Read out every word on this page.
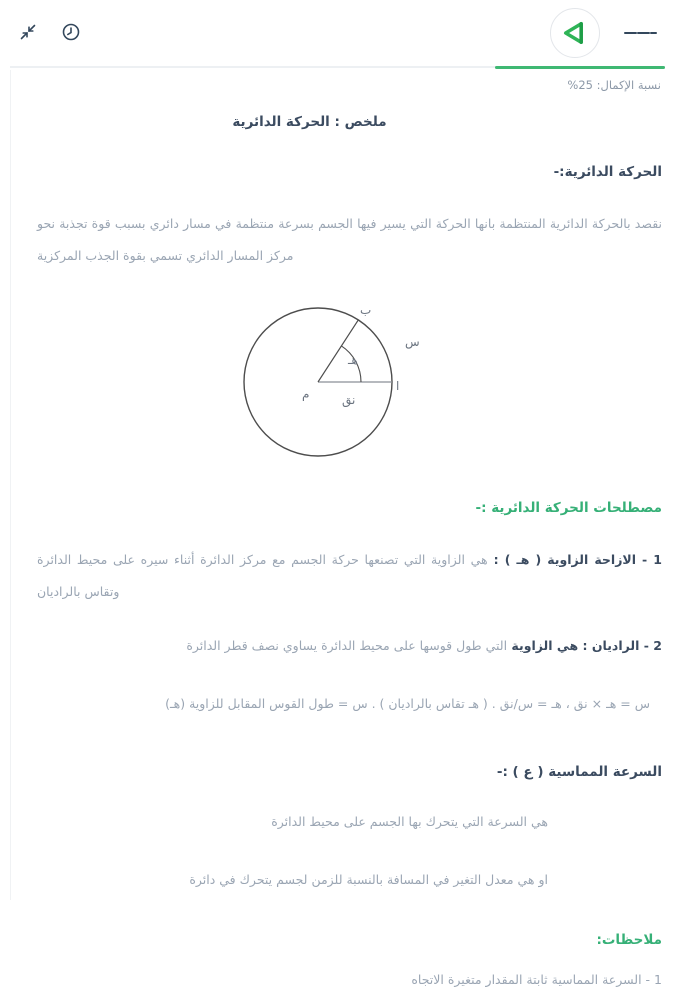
نسبة الإكمال: 25%
ملخص : الحركة الدائرية
الحركة الدائرية:-

نقصد بالحركة الدائرية المنتظمة بانها الحركة التي يسير فيها الجسم بسرعة منتظمة في مسار دائري بسبب قوة تجذبة نحو مركز المسار الدائري تسمي بقوة الجذب المركزية

هـ
م	نق
ب
س
ا
مصطلحات الحركة الدائرية :-

1 - الازاحة الزاوية ( هـ ) : هي الزاوية التي تصنعها حركة الجسم مع مركز الدائرة أثناء سيره على محيط الدائرة وتقاس بالراديان

2 - الراديان : هي الزاوية التي طول قوسها على محيط الدائرة يساوي نصف قطر الدائرة

س = هـ × نق ، هـ = س/نق . ( هـ تقاس بالراديان ) . س = طول القوس المقابل للزاوية (هـ)

السرعة المماسية ( ع ) :-

هي السرعة التي يتحرك بها الجسم على محيط الدائرة

او هي معدل التغير في المسافة بالنسبة للزمن لجسم يتحرك في دائرة

ملاحظات:

1 - السرعة المماسية ثابتة المقدار متغيرة الاتجاه
